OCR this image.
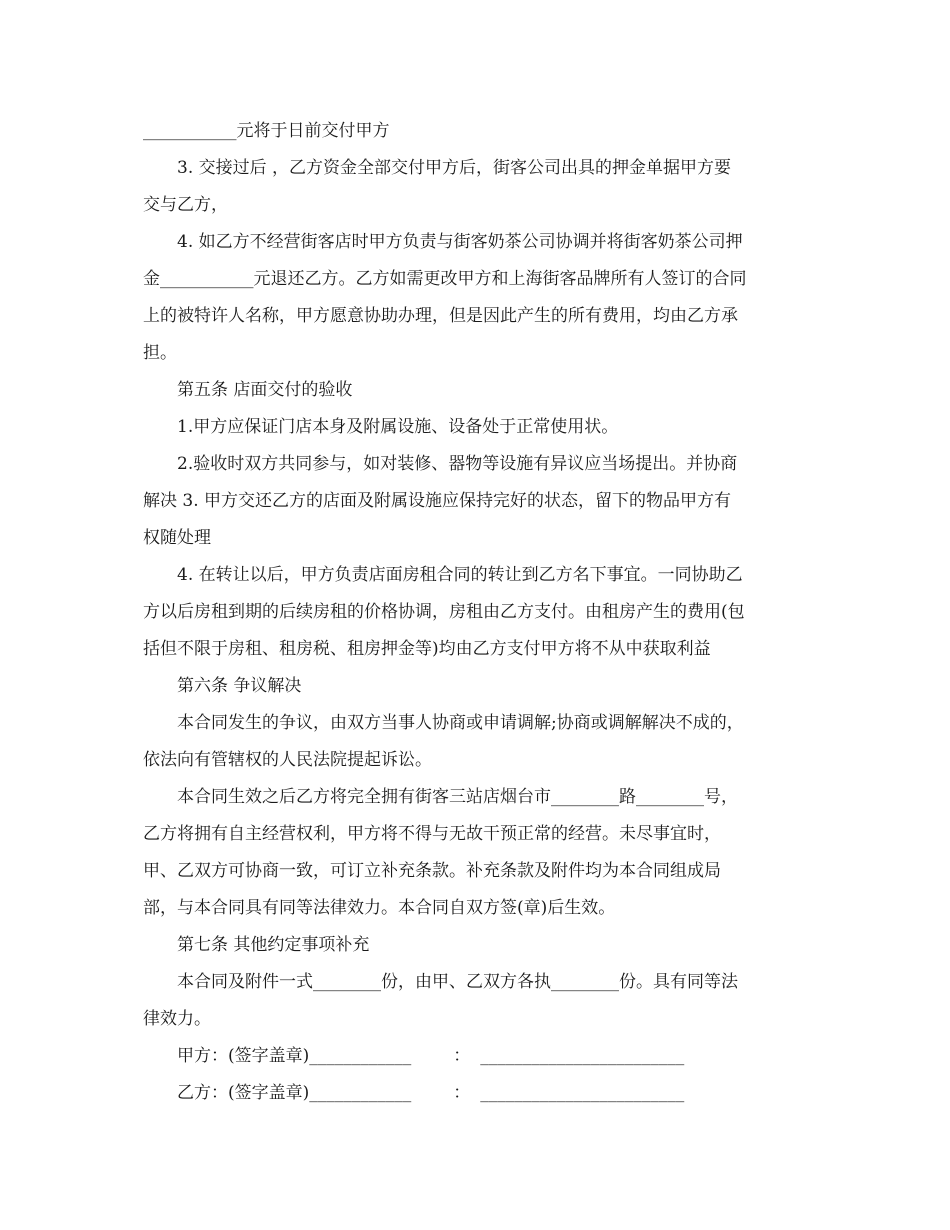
___________元将于日前交付甲方
3. 交接过后 ，乙方资金全部交付甲方后，街客公司出具的押金单据甲方要
交与乙方，
4. 如乙方不经营街客店时甲方负责与街客奶茶公司协调并将街客奶茶公司押
金___________元退还乙方。乙方如需更改甲方和上海街客品牌所有人签订的合同
上的被特许人名称，甲方愿意协助办理，但是因此产生的所有费用，均由乙方承
担。
第五条 店面交付的验收
1.甲方应保证门店本身及附属设施、设备处于正常使用状。
2.验收时双方共同参与，如对装修、器物等设施有异议应当场提出。并协商
解决 3. 甲方交还乙方的店面及附属设施应保持完好的状态，留下的物品甲方有
权随处理
4. 在转让以后，甲方负责店面房租合同的转让到乙方名下事宜。一同协助乙
方以后房租到期的后续房租的价格协调，房租由乙方支付。由租房产生的费用(包
括但不限于房租、租房税、租房押金等)均由乙方支付甲方将不从中获取利益
第六条 争议解决
本合同发生的争议，由双方当事人协商或申请调解;协商或调解解决不成的，
依法向有管辖权的人民法院提起诉讼。
本合同生效之后乙方将完全拥有街客三站店烟台市________路________号，
乙方将拥有自主经营权利，甲方将不得与无故干预正常的经营。未尽事宜时，
甲、乙双方可协商一致，可订立补充条款。补充条款及附件均为本合同组成局
部，与本合同具有同等法律效力。本合同自双方签(章)后生效。
第七条 其他约定事项补充
本合同及附件一式________份，由甲、乙双方各执________份。具有同等法
律效力。
甲方：(签字盖章)____________ ： ________________________
乙方：(签字盖章)____________ ： ________________________
